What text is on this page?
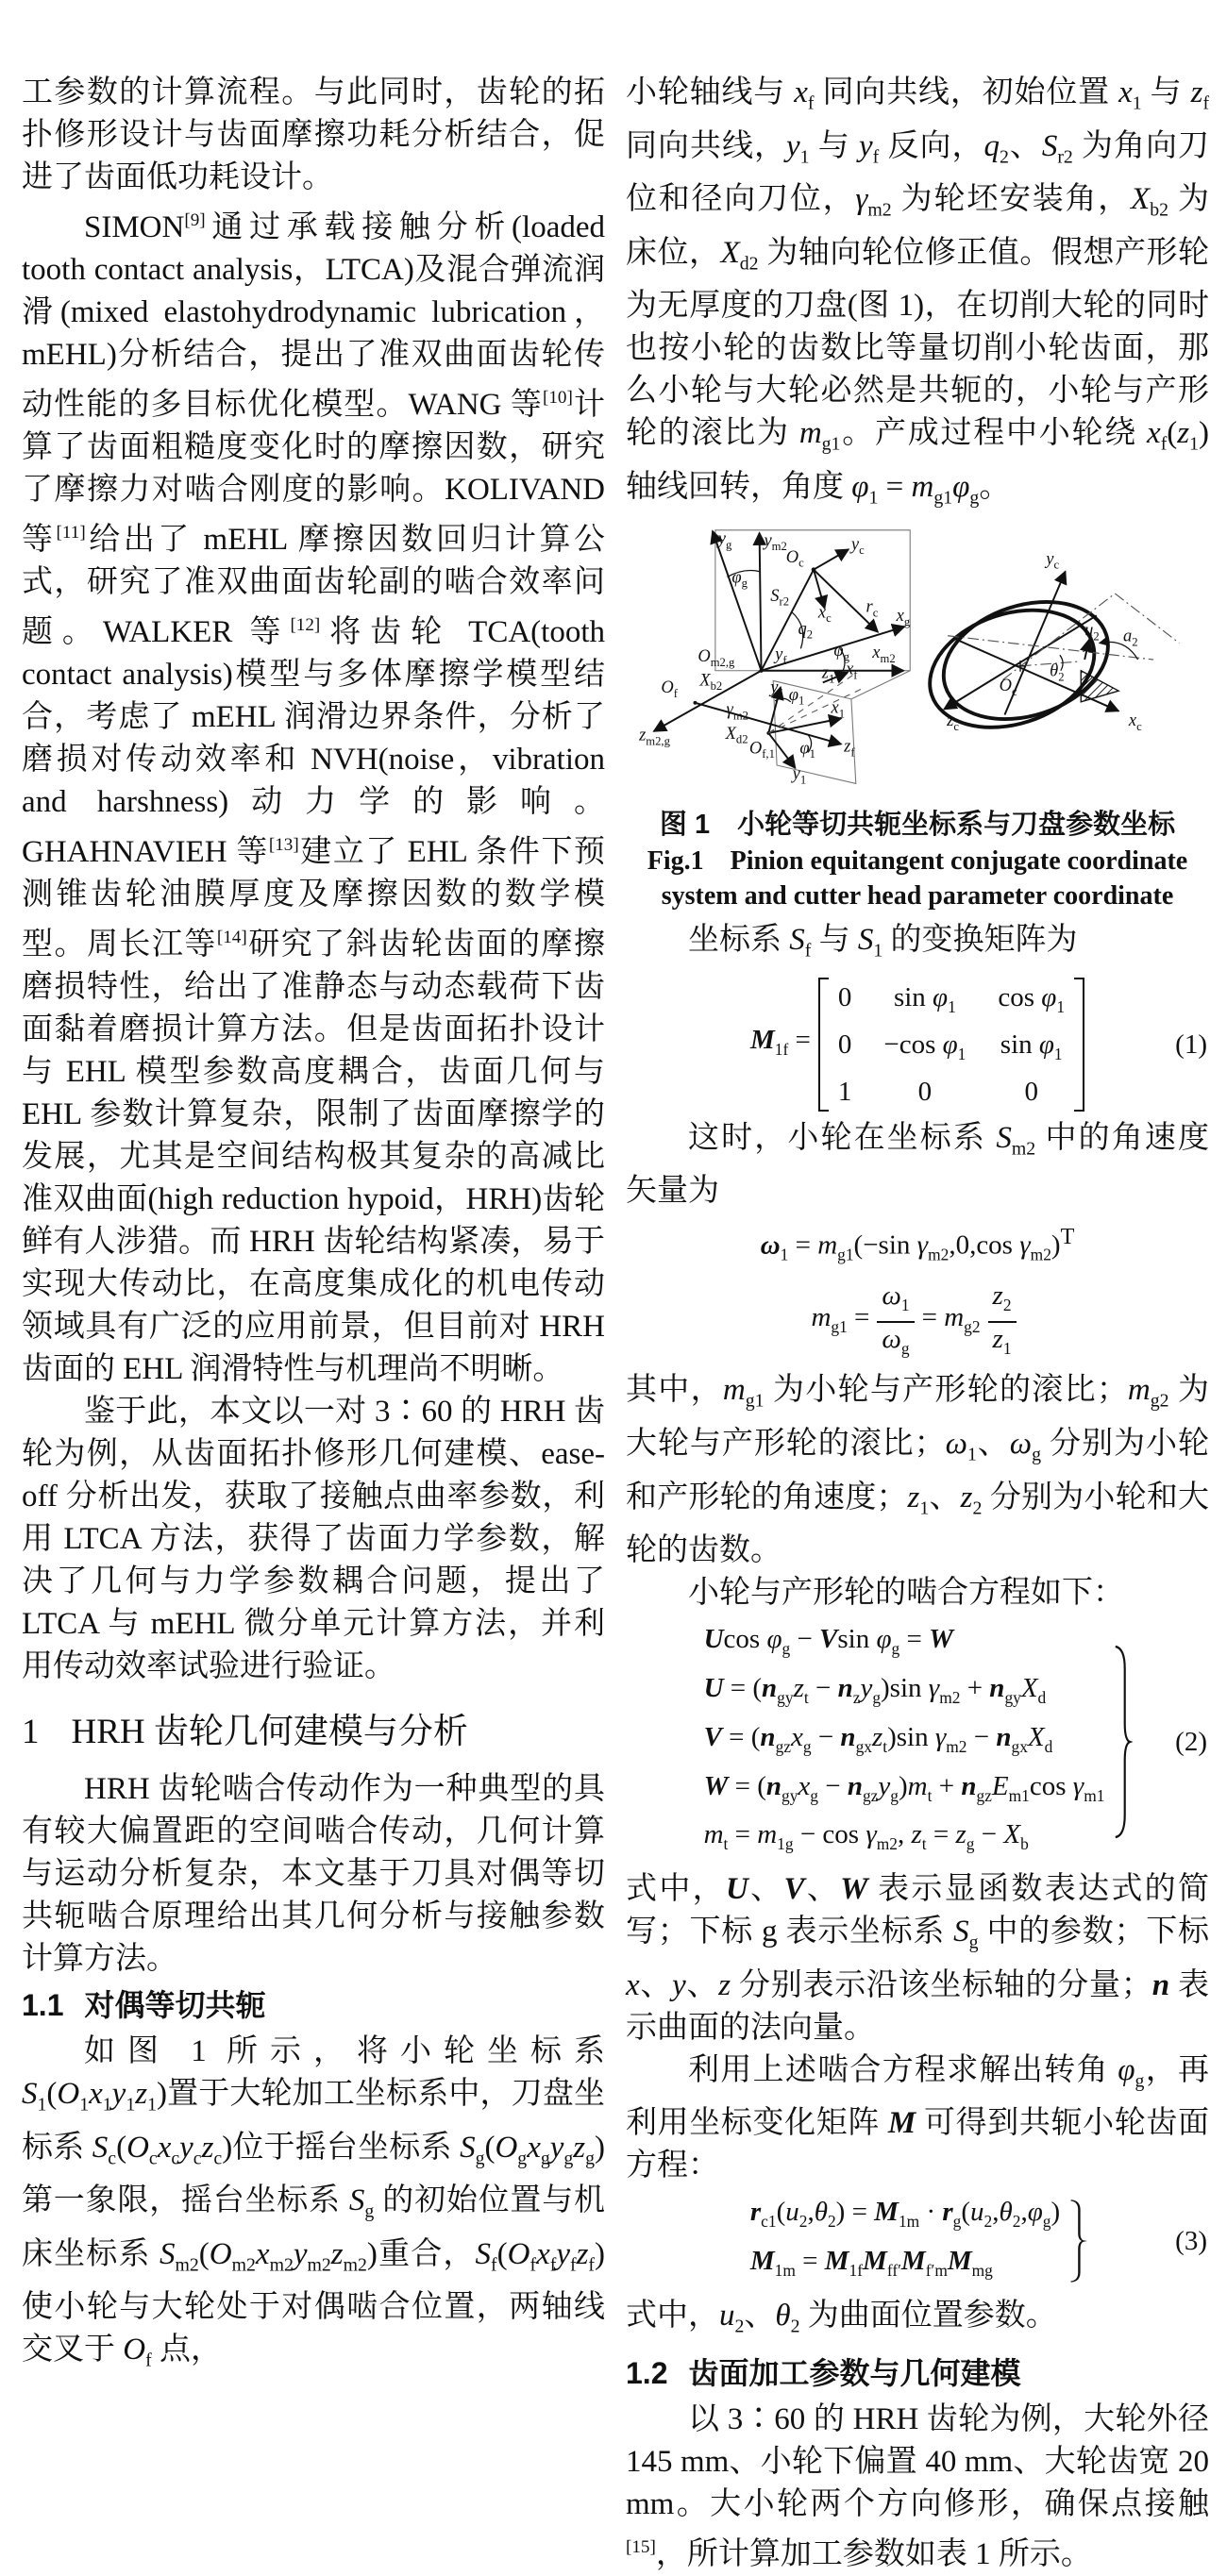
工参数的计算流程。与此同时，齿轮的拓扑修形设计与齿面摩擦功耗分析结合，促进了齿面低功耗设计。

SIMON[9]通过承载接触分析(loaded tooth contact analysis，LTCA)及混合弹流润滑(mixed elastohydrodynamic lubrication，mEHL)分析结合，提出了准双曲面齿轮传动性能的多目标优化模型。WANG 等[10]计算了齿面粗糙度变化时的摩擦因数，研究了摩擦力对啮合刚度的影响。KOLIVAND 等[11]给出了 mEHL 摩擦因数回归计算公式，研究了准双曲面齿轮副的啮合效率问题。WALKER 等[12]将齿轮 TCA(tooth contact analysis)模型与多体摩擦学模型结合，考虑了 mEHL 润滑边界条件，分析了磨损对传动效率和 NVH(noise，vibration and harshness)动力学的影响。GHAHNAVIEH 等[13]建立了 EHL 条件下预测锥齿轮油膜厚度及摩擦因数的数学模型。周长江等[14]研究了斜齿轮齿面的摩擦磨损特性，给出了准静态与动态载荷下齿面黏着磨损计算方法。但是齿面拓扑设计与 EHL 模型参数高度耦合，齿面几何与 EHL 参数计算复杂，限制了齿面摩擦学的发展，尤其是空间结构极其复杂的高减比准双曲面(high reduction hypoid，HRH)齿轮鲜有人涉猎。而 HRH 齿轮结构紧凑，易于实现大传动比，在高度集成化的机电传动领域具有广泛的应用前景，但目前对 HRH 齿面的 EHL 润滑特性与机理尚不明晰。

鉴于此，本文以一对 3∶60 的 HRH 齿轮为例，从齿面拓扑修形几何建模、ease-off 分析出发，获取了接触点曲率参数，利用 LTCA 方法，获得了齿面力学参数，解决了几何与力学参数耦合问题，提出了 LTCA 与 mEHL 微分单元计算方法，并利用传动效率试验进行验证。

1 HRH 齿轮几何建模与分析

HRH 齿轮啮合传动作为一种典型的具有较大偏置距的空间啮合传动，几何计算与运动分析复杂，本文基于刀具对偶等切共轭啮合原理给出其几何分析与接触参数计算方法。

1.1 对偶等切共轭

如图 1 所示，将小轮坐标系 $S_1(O_1x_1y_1z_1)$置于大轮加工坐标系中，刀盘坐标系 $S_c(O_cx_cy_cz_c)$位于摇台坐标系 $S_g(O_gx_gy_gz_g)$第一象限，摇台坐标系 $S_g$ 的初始位置与机床坐标系 $S_{m2}(O_{m2}x_{m2}y_{m2}z_{m2})$重合，$S_f(O_fx_fy_fz_f)$使小轮与大轮处于对偶啮合位置，两轴线交叉于 $O_f$ 点，

小轮轴线与 $x_f$ 同向共线，初始位置 $x_1$ 与 $z_f$ 同向共线，$y_1$ 与 $y_f$ 反向，$q_2$、$S_{r2}$ 为角向刀位和径向刀位，$\gamma_{m2}$ 为轮坯安装角，$X_{b2}$ 为床位，$X_{d2}$ 为轴向轮位修正值。假想产形轮为无厚度的刀盘(图 1)，在切削大轮的同时也按小轮的齿数比等量切削小轮齿面，那么小轮与大轮必然是共轭的，小轮与产形轮的滚比为 $m_{g1}$。产成过程中小轮绕 $x_f(z_1)$轴线回转，角度 $\varphi_1 = m_{g1}\varphi_g$。

$y_g$ $y_{m2}$
$\varphi_g$
$O_c$
$y_c$
$S_{r2}$
$x_c$
$r_c$
$q_2$
$x_g$
$\varphi_g$ $x_{m2}$
$y_f$
$O_{m2,g}$
$X_{b2}$
$O_f$
$z_{m2,g}$
$\gamma_{m2}$
$X_{d2}$ $O_{f,1}$
$y_f$ $\varphi_1$
$z_1$
$x_f$
$x_1$
$z_f$
$\varphi_1$
$y_1$
$y_c$
$z_c$	$x_c$
$u_2$ $a_2$
$\theta_2$
$O_c$
图 1　小轮等切共轭坐标系与刀盘参数坐标
Fig.1　Pinion equitangent conjugate coordinate system and cutter head parameter coordinate

坐标系 $S_f$ 与 $S_1$ 的变换矩阵为

$M_{1f}$ =
0	$\sin \varphi_1$	$\cos \varphi_1$
0 −cos $\varphi_1$ $\sin \varphi_1$
1	0	0
(1)

这时，小轮在坐标系 $S_{m2}$ 中的角速度矢量为

$\omega_1 = m_{g1}(-\sin$ $\gamma_{m2},0,\cos$ $\gamma_{m2})^T$
$m_{g1} = \frac{\omega_1}{\omega_g} = m_{g2} \frac{z_2}{z_1}$

其中，$m_{g1}$ 为小轮与产形轮的滚比；$m_{g2}$ 为大轮与产形轮的滚比；$\omega_1$、$\omega_g$ 分别为小轮和产形轮的角速度；$z_1$、$z_2$ 分别为小轮和大轮的齿数。

小轮与产形轮的啮合方程如下：

Ucos $\varphi_g - Vsin$ $\varphi_g = W$
$U = (n_{gy}z_t - n_zy_g)\sin$ $\gamma_{m2} + n_{gy}X_d$
$V = (n_{gz}x_g - n_{gx}z_t)\sin$ $\gamma_{m2} - n_{gx}X_d$
$W = (n_{gy}x_g - n_{gz}y_g)m_t + n_{gz}E_{m1}\cos$ $\gamma_{m1}$
$m_t = m_{1g} - \cos \gamma_{m2}$, $z_t = z_g - X_b$
(2)

式中，U、V、W 表示显函数表达式的简写；下标 g 表示坐标系 $S_g$ 中的参数；下标 x、y、z 分别表示沿该坐标轴的分量；n 表示曲面的法向量。

利用上述啮合方程求解出转角 $\varphi_g$，再利用坐标变化矩阵 M 可得到共轭小轮齿面方程：

$r_{c1}(u_2,\theta_2) = M_{1m} \cdot r_g(u_2,\theta_2,\varphi_g)$
$M_{1m} = M_{1f}M_{ff'}M_{f'm}M_{mg}$
(3)

式中，$u_2$、$\theta_2$ 为曲面位置参数。

1.2 齿面加工参数与几何建模

以 3∶60 的 HRH 齿轮为例，大轮外径 145 mm、小轮下偏置 40 mm、大轮齿宽 20 mm。大小轮两个方向修形，确保点接触[15]，所计算加工参数如表 1 所示。
